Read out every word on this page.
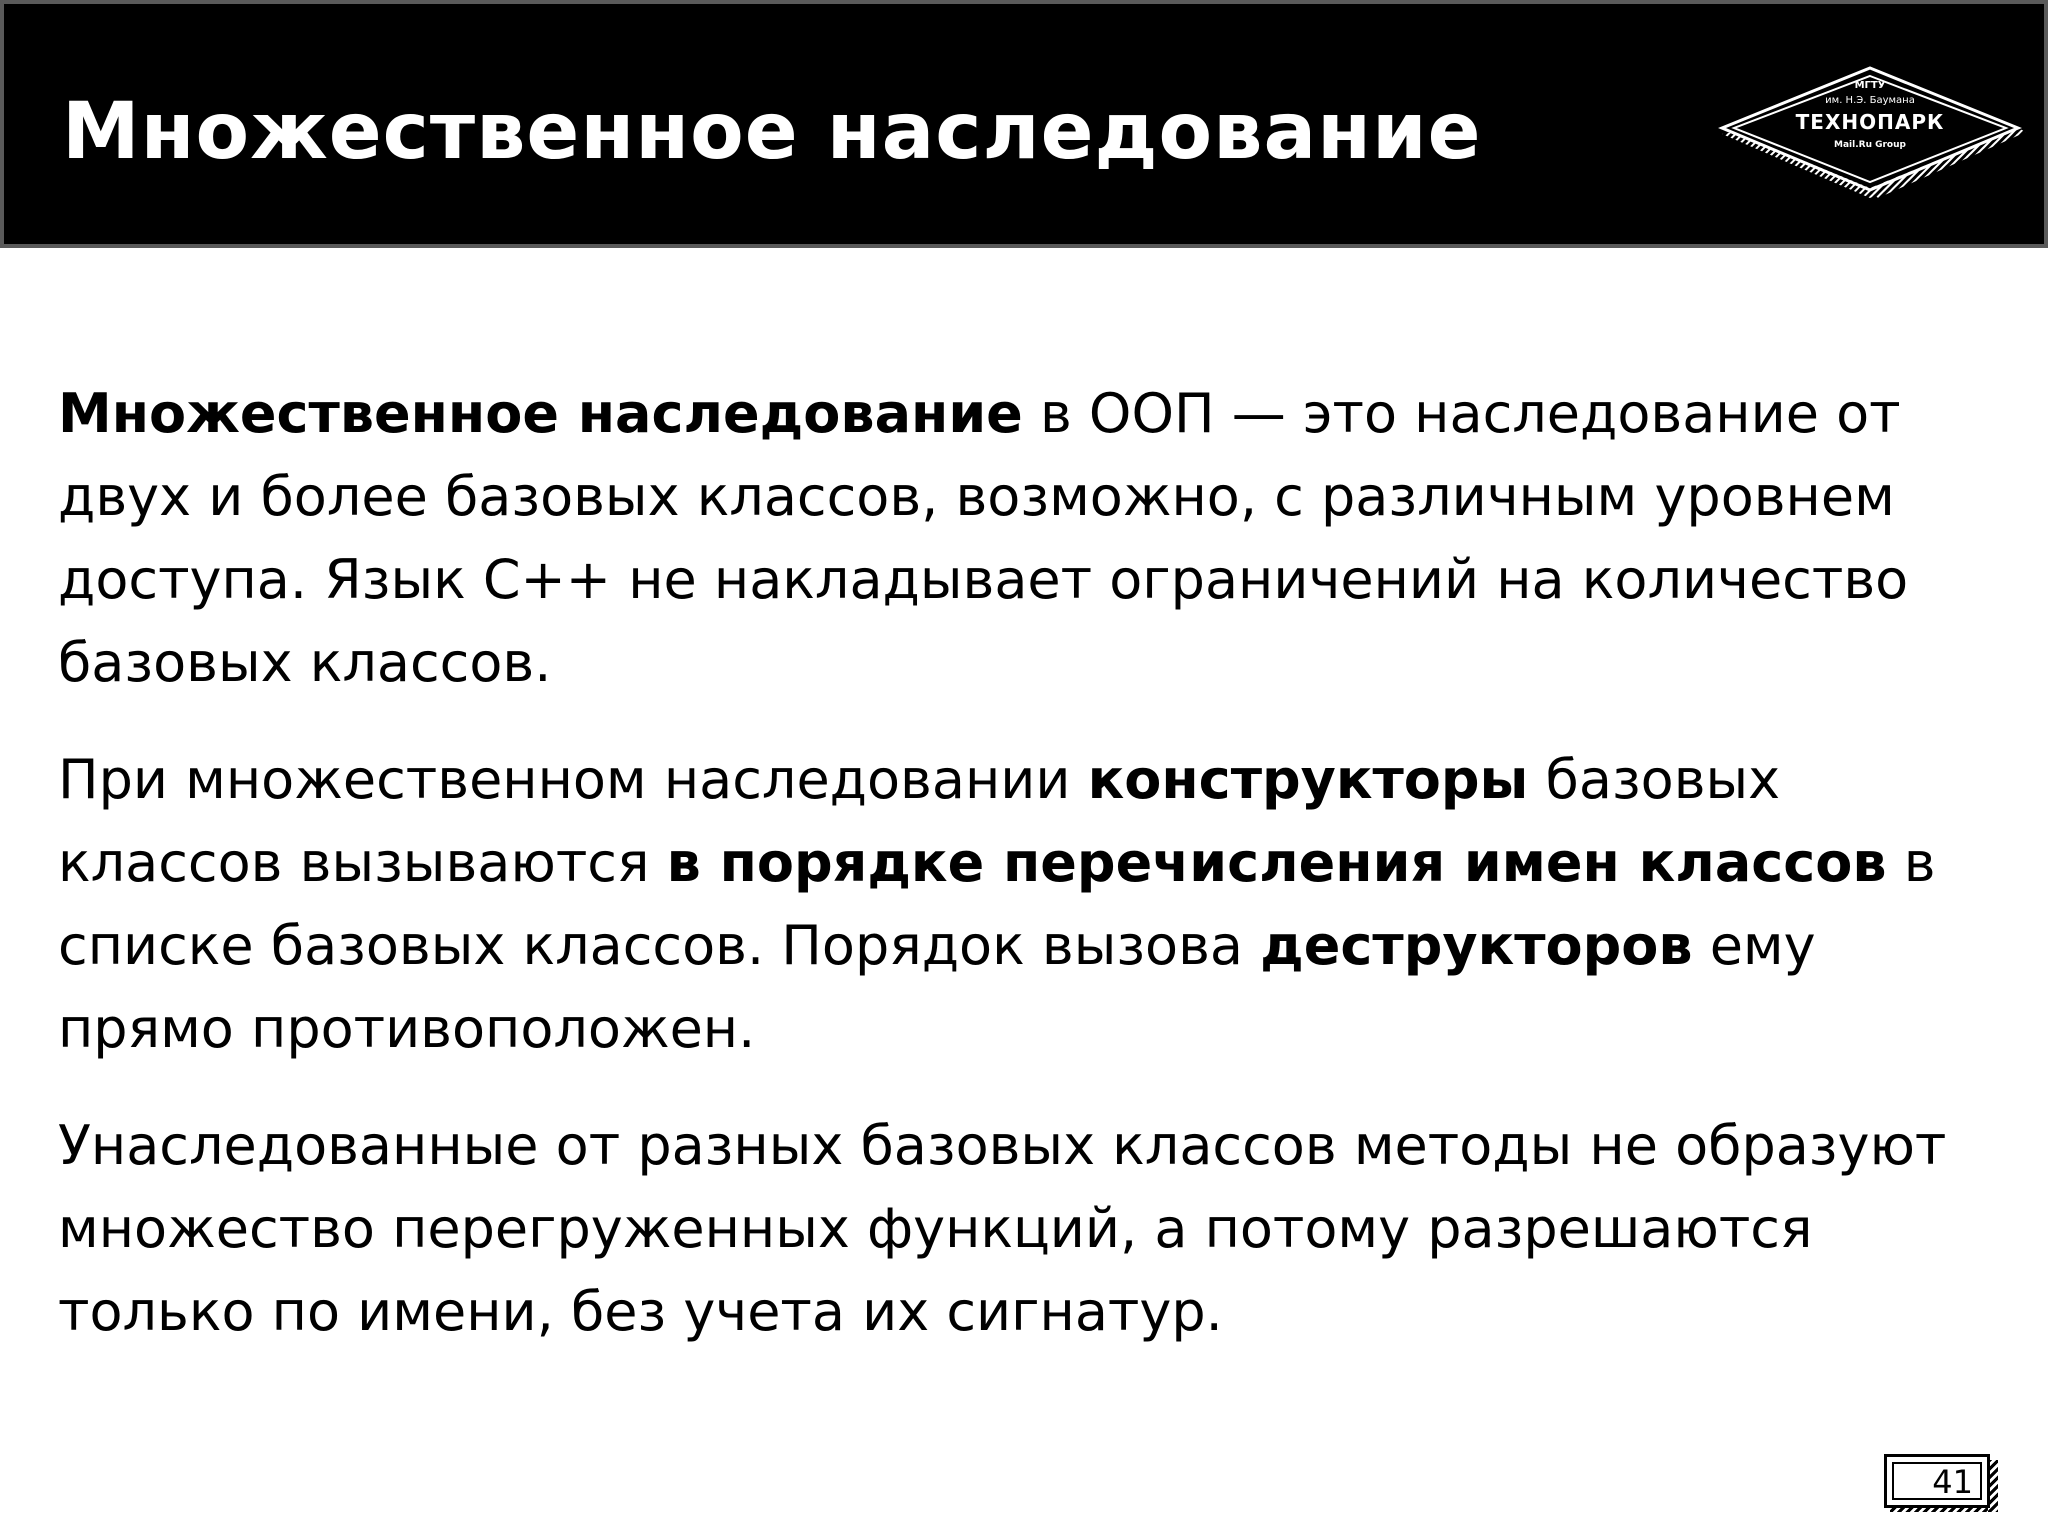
Множественное наследование
МГТУ
им. Н.Э. Баумана
ТЕХНОПАРК
Mail.Ru Group

Множественное наследование в ООП — это наследование от двух и более базовых классов, возможно, с различным уровнем доступа. Язык C++ не накладывает ограничений на количество базовых классов.

При множественном наследовании конструкторы базовых классов вызываются в порядке перечисления имен классов в списке базовых классов. Порядок вызова деструкторов ему прямо противоположен.

Унаследованные от разных базовых классов методы не образуют множество перегруженных функций, а потому разрешаются только по имени, без учета их сигнатур.

41
